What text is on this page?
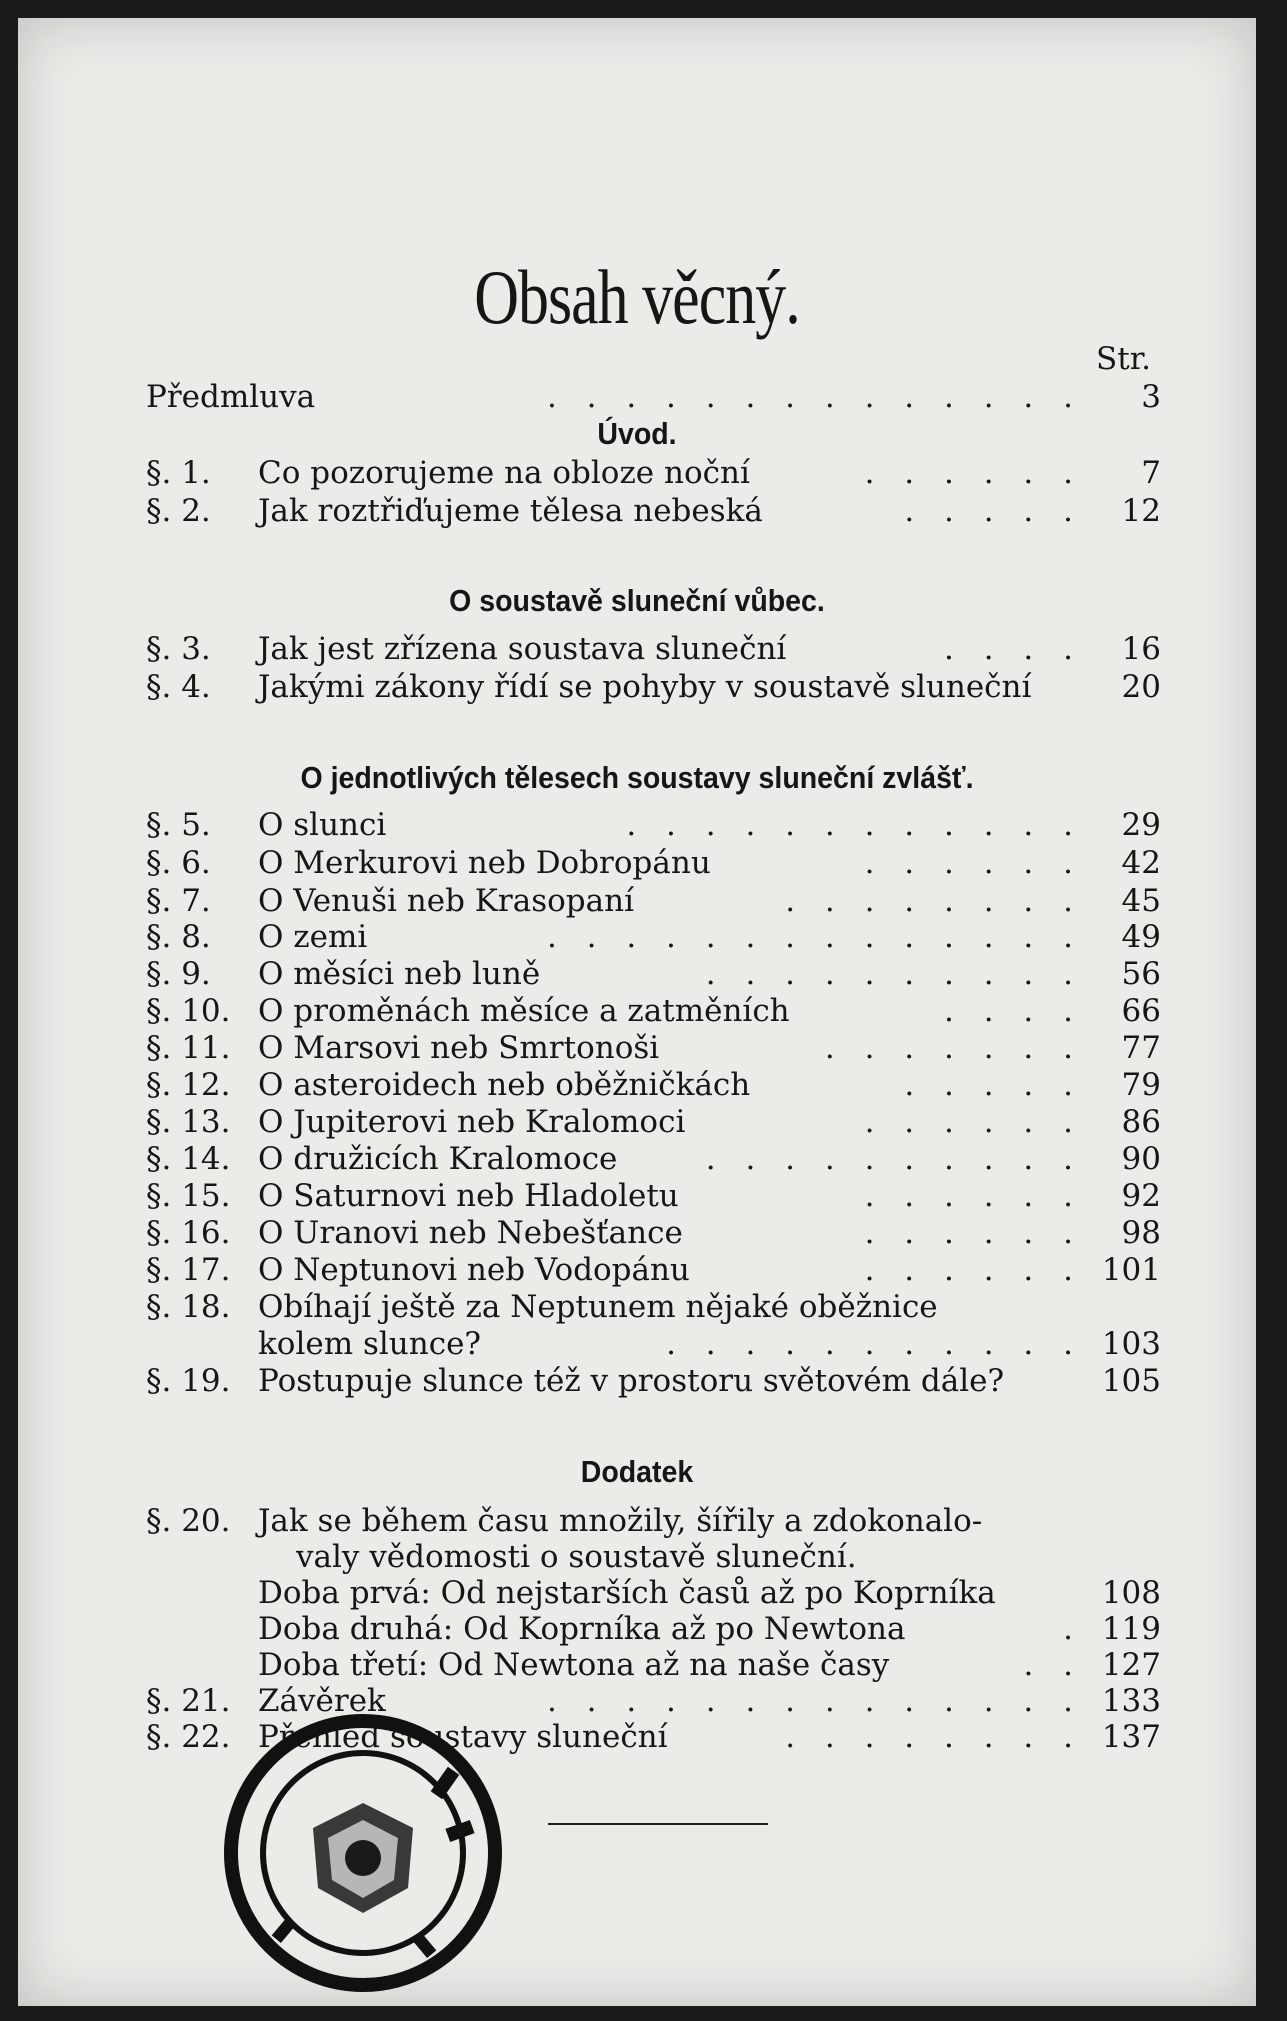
Obsah věcný.
Str.
Předmluva	. . . . . . . . . . . . . . 3
Úvod.
§. 1.	Co pozorujeme na obloze noční	. . . . . . 7
§. 2.	Jak roztřiďujeme tělesa nebeská	. . . . . 12
O soustavě sluneční vůbec.
§. 3.	Jak jest zřízena soustava sluneční	. . . . 16
§. 4.	Jakými zákony řídí se pohyby v soustavě sluneční	20
O jednotlivých tělesech soustavy sluneční zvlášť.
§. 5.	O slunci	. . . . . . . . . . . . 29
§. 6.	O Merkurovi neb Dobropánu	. . . . . . 42
§. 7.	O Venuši neb Krasopaní	. . . . . . . . 45
§. 8.	O zemi	. . . . . . . . . . . . . . 49
§. 9.	O měsíci neb luně	. . . . . . . . . . 56
§. 10. O proměnách měsíce a zatměních	. . . . 66
§. 11. O Marsovi neb Smrtonoši	. . . . . . . 77
§. 12. O asteroidech neb oběžničkách	. . . . . 79
§. 13. O Jupiterovi neb Kralomoci	. . . . . . 86
§. 14. O družicích Kralomoce	. . . . . . . . . . 90
§. 15. O Saturnovi neb Hladoletu	. . . . . . 92
§. 16. O Uranovi neb Nebešťance	. . . . . . 98
§. 17. O Neptunovi neb Vodopánu	. . . . . . 101
§. 18. Obíhají ještě za Neptunem nějaké oběžnice
kolem slunce?	. . . . . . . . . . . 103
§. 19. Postupuje slunce též v prostoru světovém dále?	105
Dodatek
§. 20. Jak se během času množily, šířily a zdokonalo-
valy vědomosti o soustavě sluneční.
Doba prvá: Od nejstarších časů až po Koprníka	108
Doba druhá: Od Koprníka až po Newtona	. 119
Doba třetí: Od Newtona až na naše časy	. . 127
§. 21. Závěrek	. . . . . . . . . . . . . . 133
§. 22. Přehled soustavy sluneční	. . . . . . . . 137
